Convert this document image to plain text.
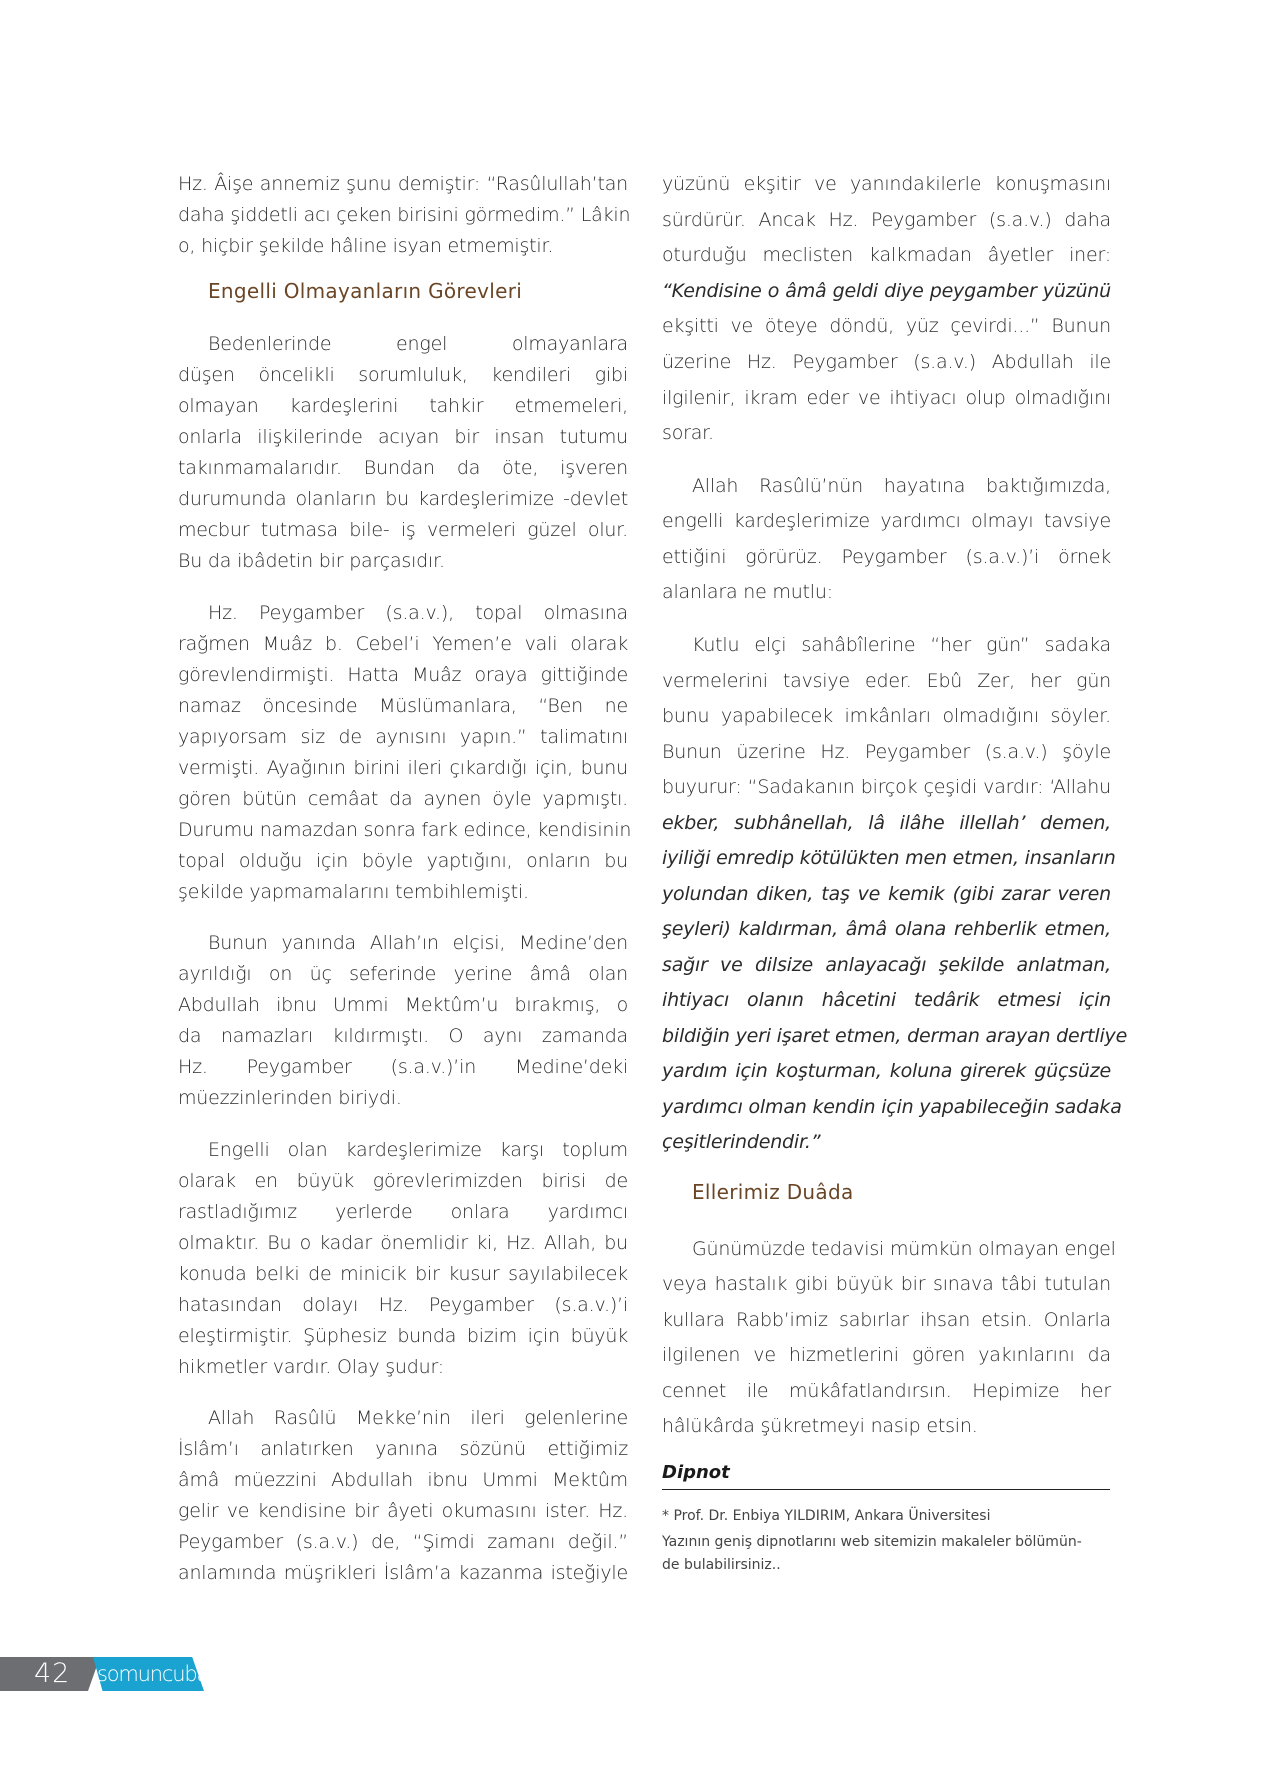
Hz. Âişe annemiz şunu demiştir: “Rasûlullah’tan
daha şiddetli acı çeken birisini görmedim.” Lâkin
o, hiçbir şekilde hâline isyan etmemiştir.
Engelli Olmayanların Görevleri
Bedenlerinde engel olmayanlara
düşen öncelikli sorumluluk, kendileri gibi
olmayan kardeşlerini tahkir etmemeleri,
onlarla ilişkilerinde acıyan bir insan tutumu
takınmamalarıdır. Bundan da öte, işveren
durumunda olanların bu kardeşlerimize -devlet
mecbur tutmasa bile- iş vermeleri güzel olur.
Bu da ibâdetin bir parçasıdır.
Hz. Peygamber (s.a.v.), topal olmasına
rağmen Muâz b. Cebel’i Yemen’e vali olarak
görevlendirmişti. Hatta Muâz oraya gittiğinde
namaz öncesinde Müslümanlara, “Ben ne
yapıyorsam siz de aynısını yapın.” talimatını
vermişti. Ayağının birini ileri çıkardığı için, bunu
gören bütün cemâat da aynen öyle yapmıştı.
Durumu namazdan sonra fark edince, kendisinin
topal olduğu için böyle yaptığını, onların bu
şekilde yapmamalarını tembihlemişti.
Bunun yanında Allah’ın elçisi, Medine’den
ayrıldığı on üç seferinde yerine âmâ olan
Abdullah ibnu Ummi Mektûm’u bırakmış, o
da namazları kıldırmıştı. O aynı zamanda
Hz. Peygamber (s.a.v.)’in Medine’deki
müezzinlerinden biriydi.
Engelli olan kardeşlerimize karşı toplum
olarak en büyük görevlerimizden birisi de
rastladığımız yerlerde onlara yardımcı
olmaktır. Bu o kadar önemlidir ki, Hz. Allah, bu
konuda belki de minicik bir kusur sayılabilecek
hatasından dolayı Hz. Peygamber (s.a.v.)’i
eleştirmiştir. Şüphesiz bunda bizim için büyük
hikmetler vardır. Olay şudur:
Allah Rasûlü Mekke’nin ileri gelenlerine
İslâm’ı anlatırken yanına sözünü ettiğimiz
âmâ müezzini Abdullah ibnu Ummi Mektûm
gelir ve kendisine bir âyeti okumasını ister. Hz.
Peygamber (s.a.v.) de, “Şimdi zamanı değil.”
anlamında müşrikleri İslâm’a kazanma isteğiyle
yüzünü ekşitir ve yanındakilerle konuşmasını
sürdürür. Ancak Hz. Peygamber (s.a.v.) daha
oturduğu meclisten kalkmadan âyetler iner:
“Kendisine o âmâ geldi diye peygamber yüzünü
ekşitti ve öteye döndü, yüz çevirdi...” Bunun
üzerine Hz. Peygamber (s.a.v.) Abdullah ile
ilgilenir, ikram eder ve ihtiyacı olup olmadığını
sorar.
Allah Rasûlü’nün hayatına baktığımızda,
engelli kardeşlerimize yardımcı olmayı tavsiye
ettiğini görürüz. Peygamber (s.a.v.)’i örnek
alanlara ne mutlu:
Kutlu elçi sahâbîlerine “her gün” sadaka
vermelerini tavsiye eder. Ebû Zer, her gün
bunu yapabilecek imkânları olmadığını söyler.
Bunun üzerine Hz. Peygamber (s.a.v.) şöyle
buyurur: “Sadakanın birçok çeşidi vardır: ‘Allahu
ekber, subhânellah, lâ ilâhe illellah’ demen,
iyiliği emredip kötülükten men etmen, insanların
yolundan diken, taş ve kemik (gibi zarar veren
şeyleri) kaldırman, âmâ olana rehberlik etmen,
sağır ve dilsize anlayacağı şekilde anlatman,
ihtiyacı olanın hâcetini tedârik etmesi için
bildiğin yeri işaret etmen, derman arayan dertliye
yardım için koşturman, koluna girerek güçsüze
yardımcı olman kendin için yapabileceğin sadaka
çeşitlerindendir.”
Ellerimiz Duâda
Günümüzde tedavisi mümkün olmayan engel
veya hastalık gibi büyük bir sınava tâbi tutulan
kullara Rabb’imiz sabırlar ihsan etsin. Onlarla
ilgilenen ve hizmetlerini gören yakınlarını da
cennet ile mükâfatlandırsın. Hepimize her
hâlükârda şükretmeyi nasip etsin.
Dipnot
* Prof. Dr. Enbiya YILDIRIM, Ankara Üniversitesi
Yazının geniş dipnotlarını web sitemizin makaleler bölümün-
de bulabilirsiniz..
42 somuncubaba
